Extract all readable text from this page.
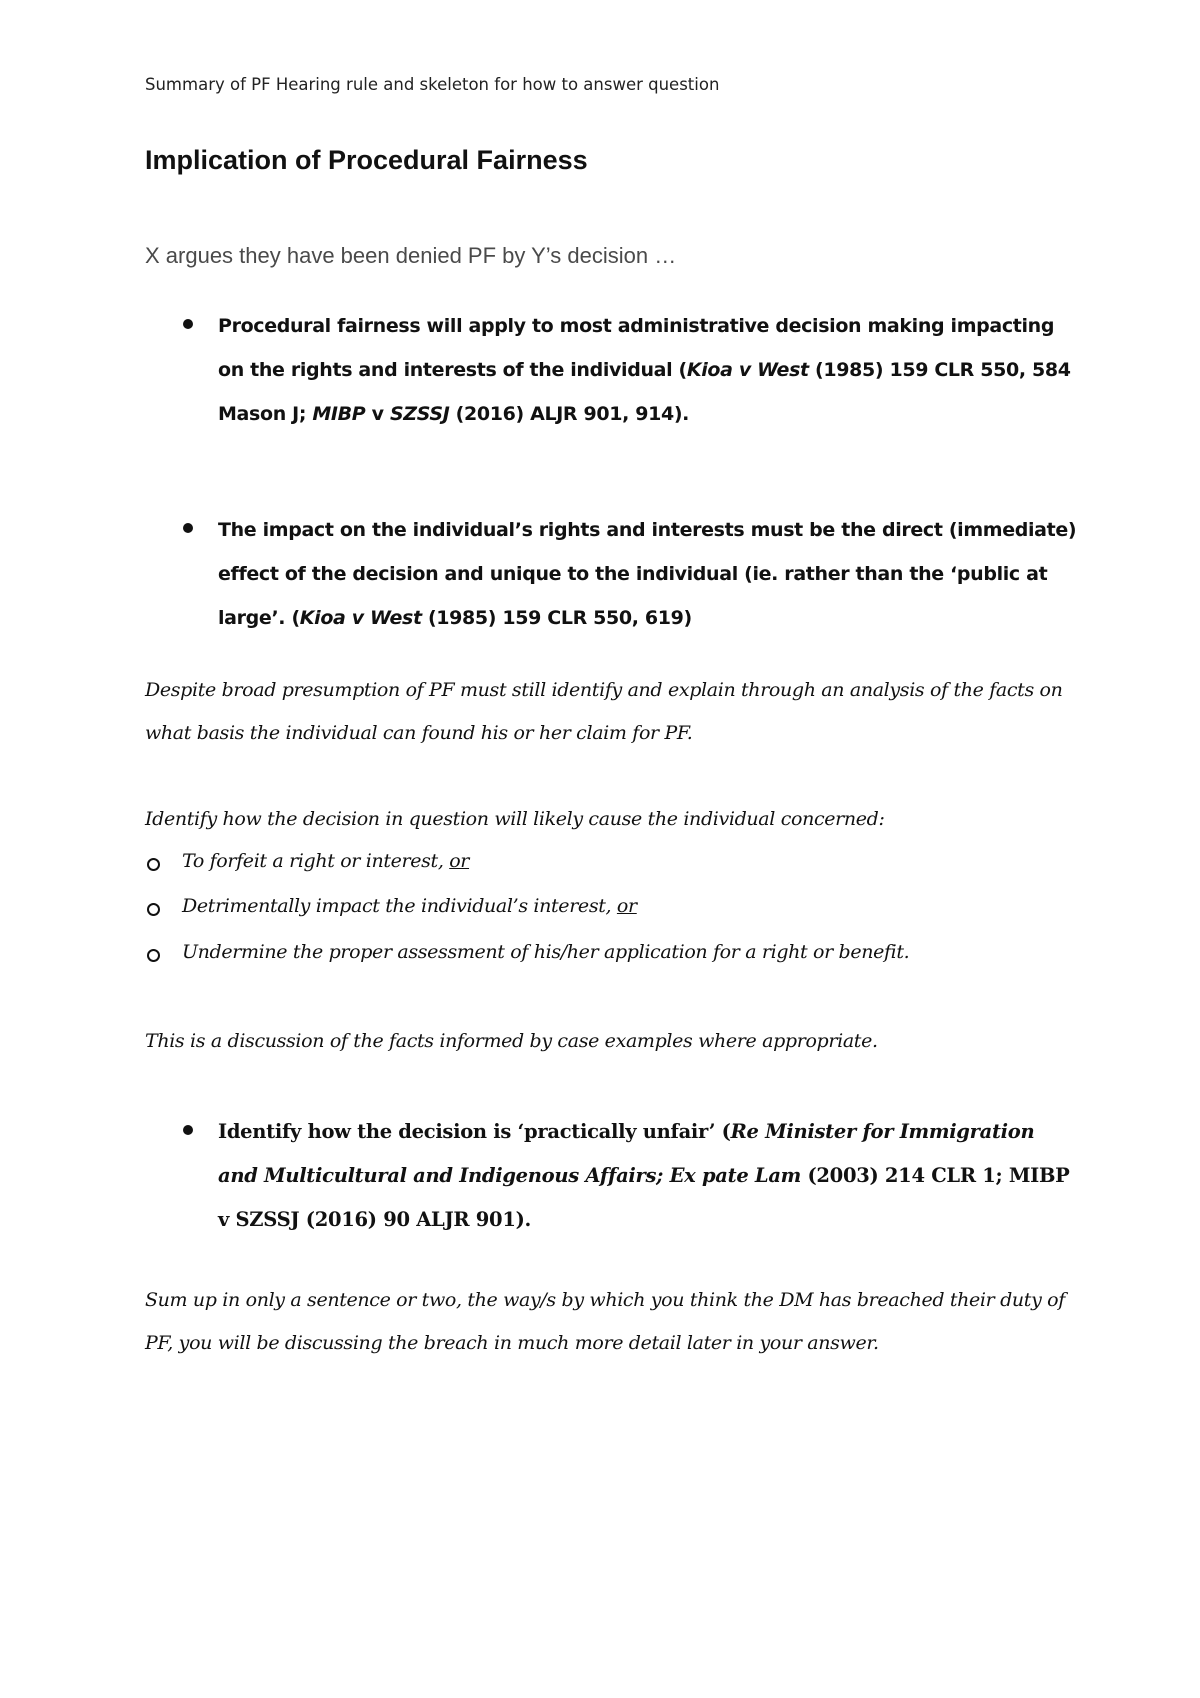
Summary of PF Hearing rule and skeleton for how to answer question

Implication of Procedural Fairness

X argues they have been denied PF by Y’s decision …

Procedural fairness will apply to most administrative decision making impacting on the rights and interests of the individual (Kioa v West (1985) 159 CLR 550, 584 Mason J; MIBP v SZSSJ (2016) ALJR 901, 914).

The impact on the individual’s rights and interests must be the direct (immediate) effect of the decision and unique to the individual (ie. rather than the ‘public at large’. (Kioa v West (1985) 159 CLR 550, 619)

Despite broad presumption of PF must still identify and explain through an analysis of the facts on what basis the individual can found his or her claim for PF.

Identify how the decision in question will likely cause the individual concerned:

To forfeit a right or interest, or

Detrimentally impact the individual’s interest, or

Undermine the proper assessment of his/her application for a right or benefit.

This is a discussion of the facts informed by case examples where appropriate.

Identify how the decision is ‘practically unfair’ (Re Minister for Immigration and Multicultural and Indigenous Affairs; Ex pate Lam (2003) 214 CLR 1; MIBP v SZSSJ (2016) 90 ALJR 901).

Sum up in only a sentence or two, the way/s by which you think the DM has breached their duty of PF, you will be discussing the breach in much more detail later in your answer.
